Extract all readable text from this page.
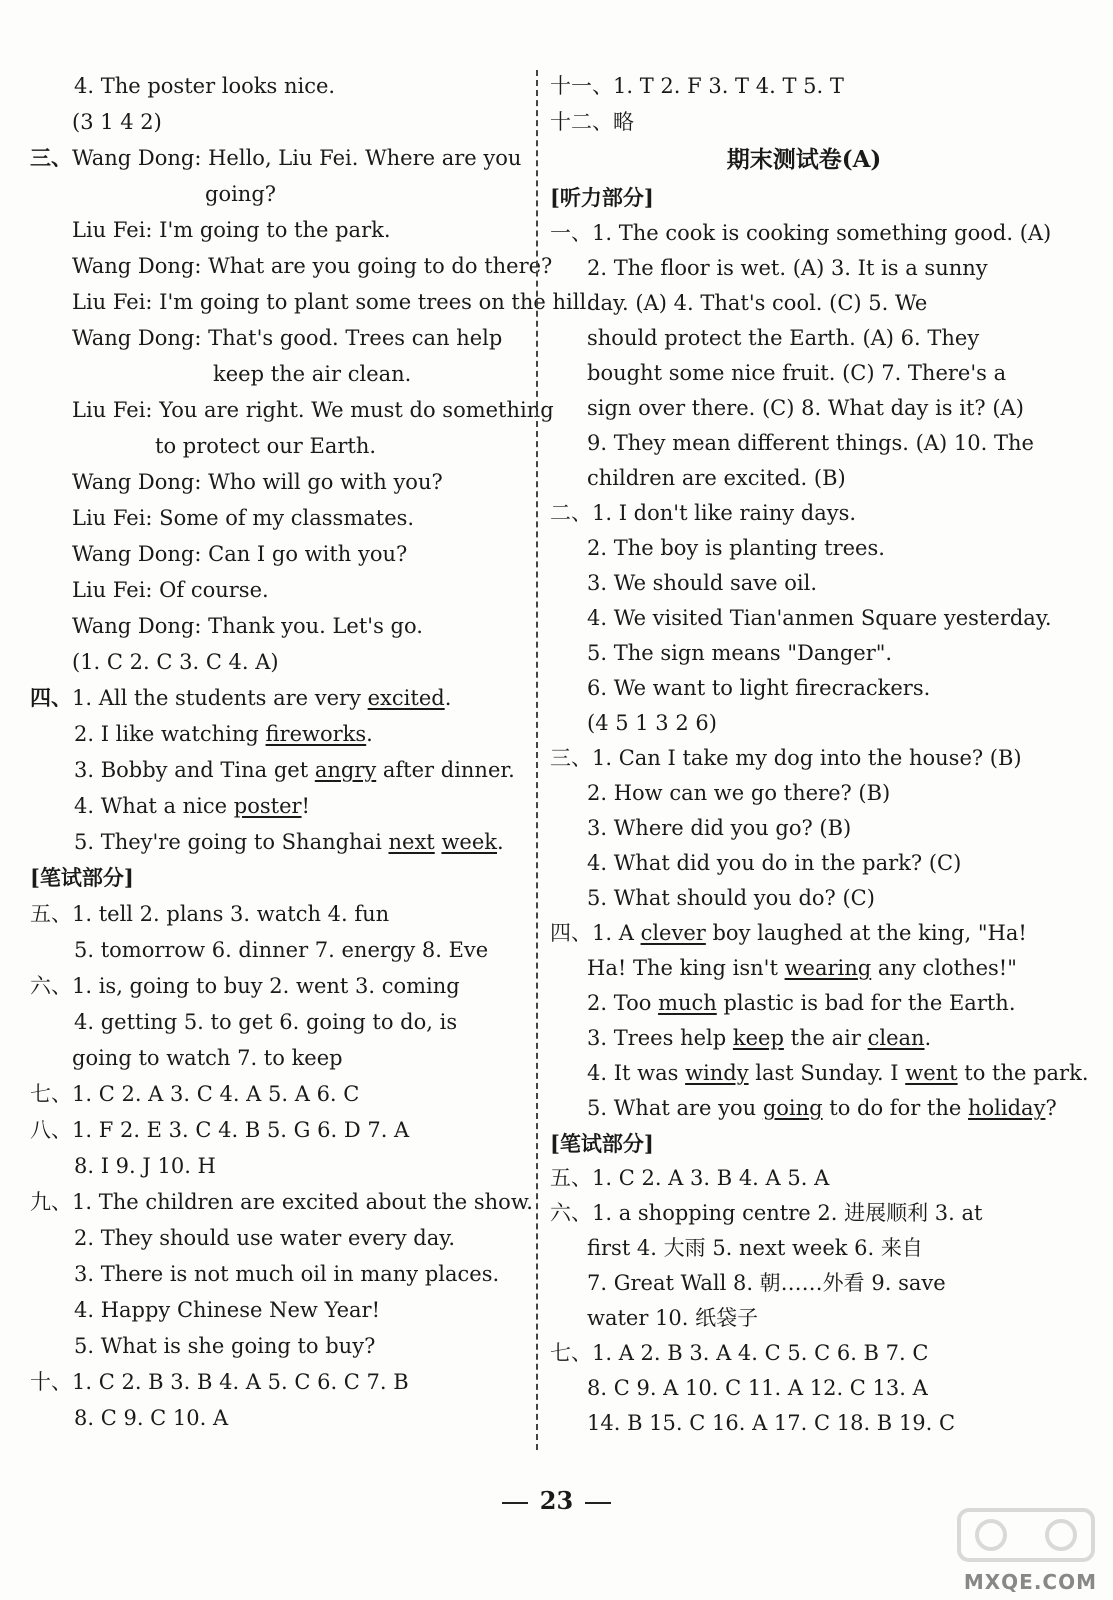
4. The poster looks nice.
(3 1 4 2)
三、Wang Dong: Hello, Liu Fei. Where are you
going?
Liu Fei: I'm going to the park.
Wang Dong: What are you going to do there?
Liu Fei: I'm going to plant some trees on the hill.
Wang Dong: That's good. Trees can help
keep the air clean.
Liu Fei: You are right. We must do something
to protect our Earth.
Wang Dong: Who will go with you?
Liu Fei: Some of my classmates.
Wang Dong: Can I go with you?
Liu Fei: Of course.
Wang Dong: Thank you. Let's go.
(1. C 2. C 3. C 4. A)
四、1. All the students are very excited.
2. I like watching fireworks.
3. Bobby and Tina get angry after dinner.
4. What a nice poster!
5. They're going to Shanghai next week.
[笔试部分]
五、1. tell 2. plans 3. watch 4. fun
5. tomorrow 6. dinner 7. energy 8. Eve
六、1. is, going to buy 2. went 3. coming
4. getting 5. to get 6. going to do, is
going to watch 7. to keep
七、1. C 2. A 3. C 4. A 5. A 6. C
八、1. F 2. E 3. C 4. B 5. G 6. D 7. A
8. I 9. J 10. H
九、1. The children are excited about the show.
2. They should use water every day.
3. There is not much oil in many places.
4. Happy Chinese New Year!
5. What is she going to buy?
十、1. C 2. B 3. B 4. A 5. C 6. C 7. B
8. C 9. C 10. A
十一、1. T 2. F 3. T 4. T 5. T
十二、略
期末测试卷(A)
[听力部分]
一、1. The cook is cooking something good. (A)
2. The floor is wet. (A) 3. It is a sunny
day. (A) 4. That's cool. (C) 5. We
should protect the Earth. (A) 6. They
bought some nice fruit. (C) 7. There's a
sign over there. (C) 8. What day is it? (A)
9. They mean different things. (A) 10. The
children are excited. (B)
二、1. I don't like rainy days.
2. The boy is planting trees.
3. We should save oil.
4. We visited Tian'anmen Square yesterday.
5. The sign means "Danger".
6. We want to light firecrackers.
(4 5 1 3 2 6)
三、1. Can I take my dog into the house? (B)
2. How can we go there? (B)
3. Where did you go? (B)
4. What did you do in the park? (C)
5. What should you do? (C)
四、1. A clever boy laughed at the king, "Ha!
Ha! The king isn't wearing any clothes!"
2. Too much plastic is bad for the Earth.
3. Trees help keep the air clean.
4. It was windy last Sunday. I went to the park.
5. What are you going to do for the holiday?
[笔试部分]
五、1. C 2. A 3. B 4. A 5. A
六、1. a shopping centre 2. 进展顺利 3. at
first 4. 大雨 5. next week 6. 来自
7. Great Wall 8. 朝……外看 9. save
water 10. 纸袋子
七、1. A 2. B 3. A 4. C 5. C 6. B 7. C
8. C 9. A 10. C 11. A 12. C 13. A
14. B 15. C 16. A 17. C 18. B 19. C
23
MXQE.COM
